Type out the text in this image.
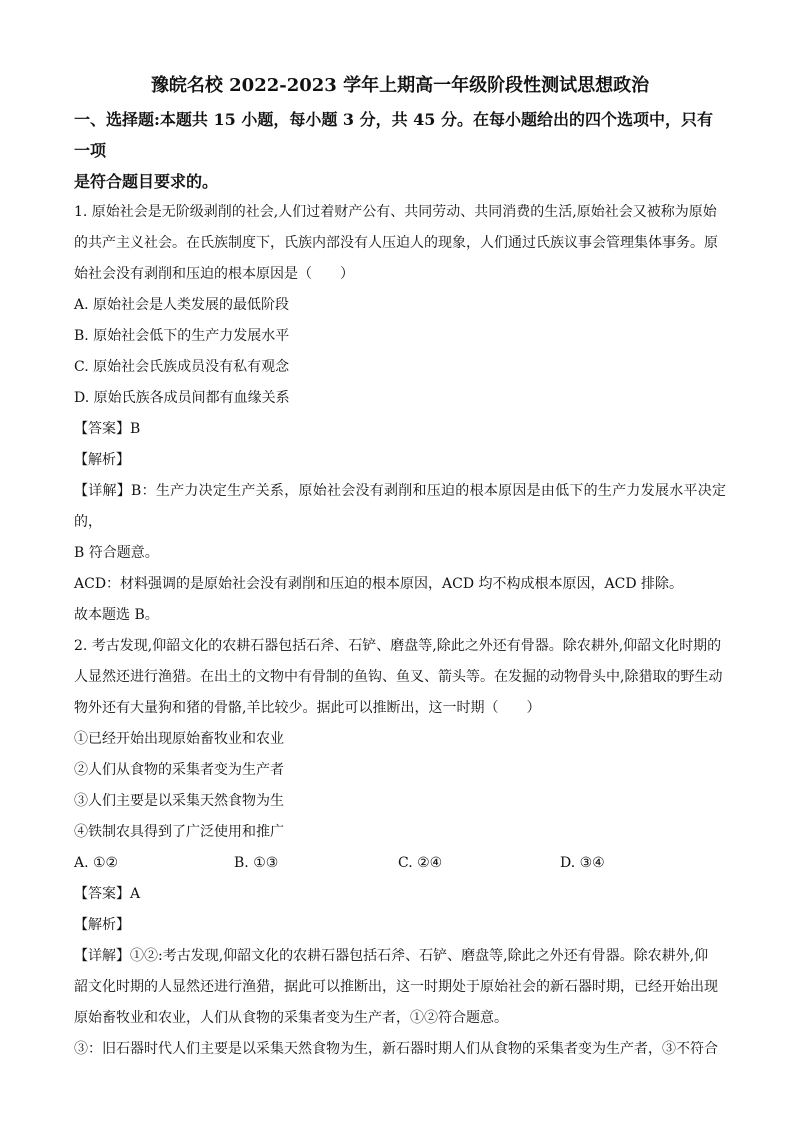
豫皖名校 2022-2023 学年上期高一年级阶段性测试思想政治
一、选择题:本题共 15 小题，每小题 3 分，共 45 分。在每小题给出的四个选项中，只有一项
是符合题目要求的。

1. 原始社会是无阶级剥削的社会,人们过着财产公有、共同劳动、共同消费的生活,原始社会又被称为原始

的共产主义社会。在氏族制度下，氏族内部没有人压迫人的现象，人们通过氏族议事会管理集体事务。原

始社会没有剥削和压迫的根本原因是（　　）

A. 原始社会是人类发展的最低阶段
B. 原始社会低下的生产力发展水平
C. 原始社会氏族成员没有私有观念
D. 原始氏族各成员间都有血缘关系
【答案】B
【解析】

【详解】B：生产力决定生产关系，原始社会没有剥削和压迫的根本原因是由低下的生产力发展水平决定的，

B 符合题意。

ACD：材料强调的是原始社会没有剥削和压迫的根本原因，ACD 均不构成根本原因，ACD 排除。

故本题选 B。

2. 考古发现,仰韶文化的农耕石器包括石斧、石铲、磨盘等,除此之外还有骨器。除农耕外,仰韶文化时期的

人显然还进行渔猎。在出土的文物中有骨制的鱼钩、鱼叉、箭头等。在发掘的动物骨头中,除猎取的野生动

物外还有大量狗和猪的骨骼,羊比较少。据此可以推断出，这一时期（　　）

①已经开始出现原始畜牧业和农业
②人们从食物的采集者变为生产者
③人们主要是以采集天然食物为生
④铁制农具得到了广泛使用和推广
A. ①②	B. ①③	C. ②④	D. ③④
【答案】A
【解析】

【详解】①②:考古发现,仰韶文化的农耕石器包括石斧、石铲、磨盘等,除此之外还有骨器。除农耕外,仰

韶文化时期的人显然还进行渔猎，据此可以推断出，这一时期处于原始社会的新石器时期，已经开始出现

原始畜牧业和农业，人们从食物的采集者变为生产者，①②符合题意。

③：旧石器时代人们主要是以采集天然食物为生，新石器时期人们从食物的采集者变为生产者，③不符合
